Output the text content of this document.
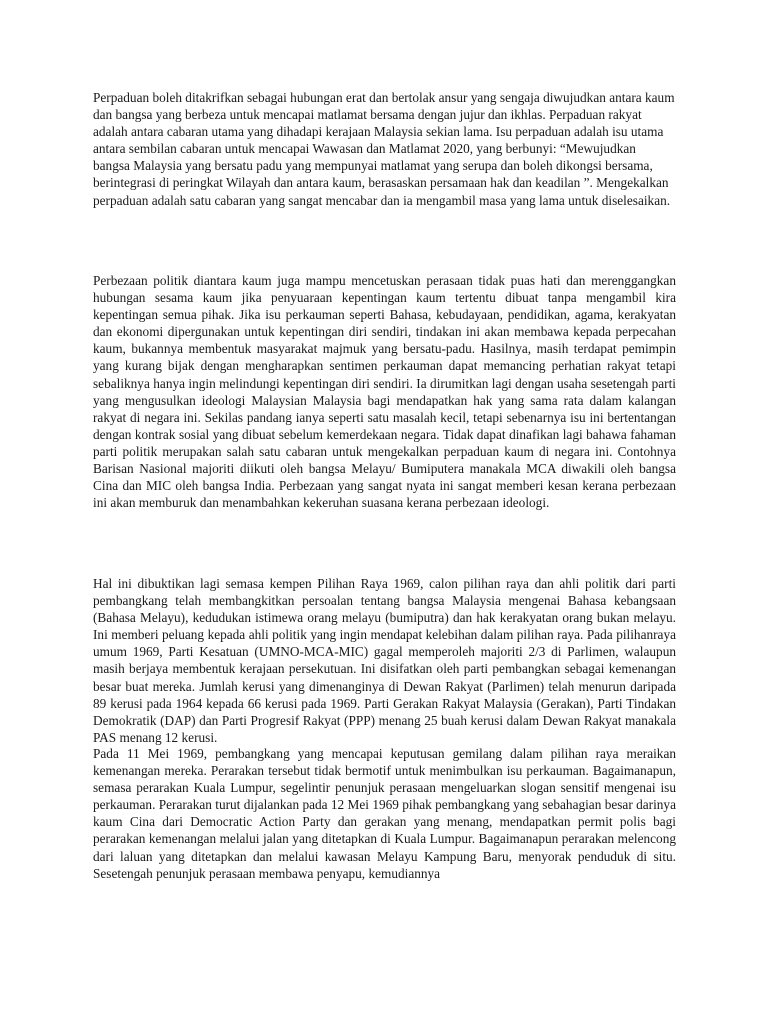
Perpaduan boleh ditakrifkan sebagai hubungan erat dan bertolak ansur yang sengaja diwujudkan antara kaum dan bangsa yang berbeza untuk mencapai matlamat bersama dengan jujur dan ikhlas. Perpaduan rakyat adalah antara cabaran utama yang dihadapi kerajaan Malaysia sekian lama. Isu perpaduan adalah isu utama antara sembilan cabaran untuk mencapai Wawasan dan Matlamat 2020, yang berbunyi: “Mewujudkan bangsa Malaysia yang bersatu padu yang mempunyai matlamat yang serupa dan boleh dikongsi bersama, berintegrasi di peringkat Wilayah dan antara kaum, berasaskan persamaan hak dan keadilan ”. Mengekalkan perpaduan adalah satu cabaran yang sangat mencabar dan ia mengambil masa yang lama untuk diselesaikan.

Perbezaan politik diantara kaum juga mampu mencetuskan perasaan tidak puas hati dan merenggangkan hubungan sesama kaum jika penyuaraan kepentingan kaum tertentu dibuat tanpa mengambil kira kepentingan semua pihak. Jika isu perkauman seperti Bahasa, kebudayaan, pendidikan, agama, kerakyatan dan ekonomi dipergunakan untuk kepentingan diri sendiri, tindakan ini akan membawa kepada perpecahan kaum, bukannya membentuk masyarakat majmuk yang bersatu-padu. Hasilnya, masih terdapat pemimpin yang kurang bijak dengan mengharapkan sentimen perkauman dapat memancing perhatian rakyat tetapi sebaliknya hanya ingin melindungi kepentingan diri sendiri. Ia dirumitkan lagi dengan usaha sesetengah parti yang mengusulkan ideologi Malaysian Malaysia bagi mendapatkan hak yang sama rata dalam kalangan rakyat di negara ini. Sekilas pandang ianya seperti satu masalah kecil, tetapi sebenarnya isu ini bertentangan dengan kontrak sosial yang dibuat sebelum kemerdekaan negara. Tidak dapat dinafikan lagi bahawa fahaman parti politik merupakan salah satu cabaran untuk mengekalkan perpaduan kaum di negara ini. Contohnya Barisan Nasional majoriti diikuti oleh bangsa Melayu/ Bumiputera manakala MCA diwakili oleh bangsa Cina dan MIC oleh bangsa India. Perbezaan yang sangat nyata ini sangat memberi kesan kerana perbezaan ini akan memburuk dan menambahkan kekeruhan suasana kerana perbezaan ideologi.

Hal ini dibuktikan lagi semasa kempen Pilihan Raya 1969, calon pilihan raya dan ahli politik dari parti pembangkang telah membangkitkan persoalan tentang bangsa Malaysia mengenai Bahasa kebangsaan (Bahasa Melayu), kedudukan istimewa orang melayu (bumiputra) dan hak kerakyatan orang bukan melayu. Ini memberi peluang kepada ahli politik yang ingin mendapat kelebihan dalam pilihan raya. Pada pilihanraya umum 1969, Parti Kesatuan (UMNO-MCA-MIC) gagal memperoleh majoriti 2/3 di Parlimen, walaupun masih berjaya membentuk kerajaan persekutuan. Ini disifatkan oleh parti pembangkan sebagai kemenangan besar buat mereka. Jumlah kerusi yang dimenanginya di Dewan Rakyat (Parlimen) telah menurun daripada 89 kerusi pada 1964 kepada 66 kerusi pada 1969. Parti Gerakan Rakyat Malaysia (Gerakan), Parti Tindakan Demokratik (DAP) dan Parti Progresif Rakyat (PPP) menang 25 buah kerusi dalam Dewan Rakyat manakala PAS menang 12 kerusi.

Pada 11 Mei 1969, pembangkang yang mencapai keputusan gemilang dalam pilihan raya meraikan kemenangan mereka. Perarakan tersebut tidak bermotif untuk menimbulkan isu perkauman. Bagaimanapun, semasa perarakan Kuala Lumpur, segelintir penunjuk perasaan mengeluarkan slogan sensitif mengenai isu perkauman. Perarakan turut dijalankan pada 12 Mei 1969 pihak pembangkang yang sebahagian besar darinya kaum Cina dari Democratic Action Party dan gerakan yang menang, mendapatkan permit polis bagi perarakan kemenangan melalui jalan yang ditetapkan di Kuala Lumpur. Bagaimanapun perarakan melencong dari laluan yang ditetapkan dan melalui kawasan Melayu Kampung Baru, menyorak penduduk di situ. Sesetengah penunjuk perasaan membawa penyapu, kemudiannya
